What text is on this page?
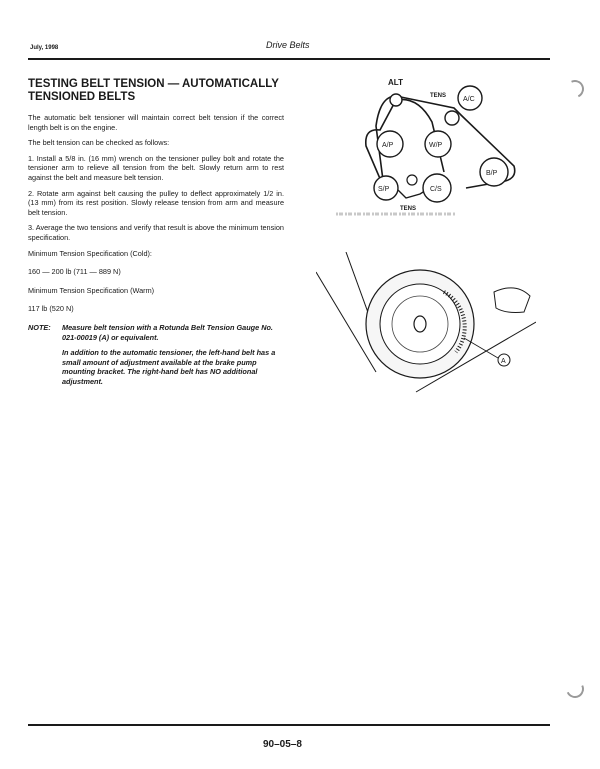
July, 1998	Drive Belts
TESTING BELT TENSION — AUTOMATICALLY TENSIONED BELTS

The automatic belt tensioner will maintain correct belt tension if the correct length belt is on the engine.

The belt tension can be checked as follows:

1. Install a 5/8 in. (16 mm) wrench on the tensioner pulley bolt and rotate the tensioner arm to relieve all tension from the belt. Slowly return arm to rest against the belt and measure belt tension.

2. Rotate arm against belt causing the pulley to deflect approximately 1/2 in. (13 mm) from its rest position. Slowly release tension from arm and measure belt tension.

3. Average the two tensions and verify that result is above the minimum tension specification.

Minimum Tension Specification (Cold):
160 — 200 lb (711 — 889 N)
Minimum Tension Specification (Warm)
117 lb (520 N)
NOTE:	Measure belt tension with a Rotunda Belt Tension Gauge No. 021-00019 (A) or equivalent.
In addition to the automatic tensioner, the left-hand belt has a small amount of adjustment available at the brake pump mounting bracket. The right-hand belt has NO additional adjustment.
ALT
TENS A/C
A/P	W/P
B/P
S/P	C/S
TENS
A
90–05–8
